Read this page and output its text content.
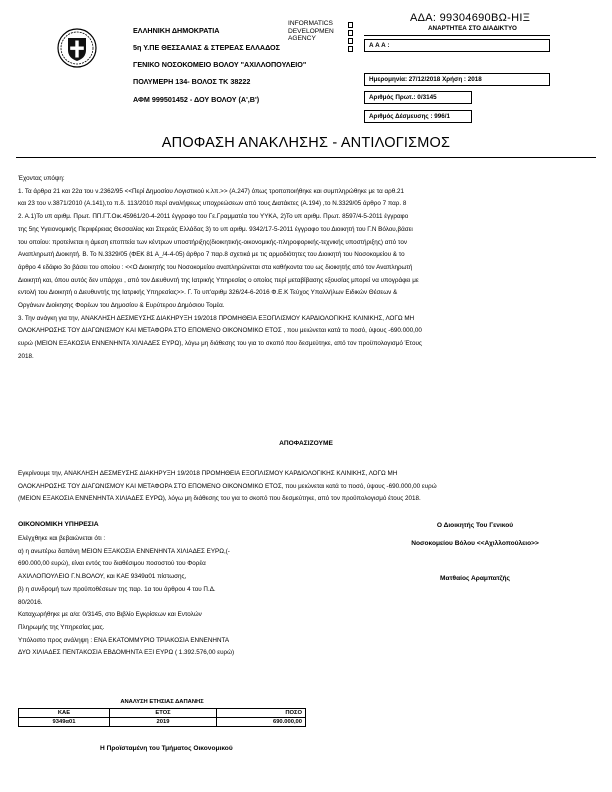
ΑΔΑ: 99304690ΒΩ-ΗΙΞ
ΕΛΛΗΝΙΚΗ ΔΗΜΟΚΡΑΤΙΑ
5η Υ.ΠΕ ΘΕΣΣΑΛΙΑΣ & ΣΤΕΡΕΑΣ ΕΛΛΑΔΟΣ
ΓΕΝΙΚΟ ΝΟΣΟΚΟΜΕΙΟ ΒΟΛΟΥ "ΑΧΙΛΛΟΠΟΥΛΕΙΟ"
ΠΟΛΥΜΕΡΗ 134- ΒΟΛΟΣ ΤΚ 38222
ΑΦΜ 999501452 - ΔΟΥ ΒΟΛΟΥ (Α',Β')
INFORMATICS
DEVELOPMEN
AGENCY
ΑΝΑΡΤΗΤΕΑ ΣΤΟ ΔΙΑΔΙΚΤΥΟ
Α Α Α :
Ημερομηνία: 27/12/2018 Χρήση : 2018
Αριθμός Πρωτ.: 0/3145
Αριθμός Δέσμευσης : 996/1
ΑΠΟΦΑΣΗ ΑΝΑΚΛΗΣΗΣ - ΑΝΤΙΛΟΓΙΣΜΟΣ
Έχοντας υπόψη:
1. Τα άρθρα 21 και 22α του ν.2362/95 <<Περί Δημοσίου Λογιστικού κ.λπ.>> (Α.247) όπως τροποποιήθηκε και συμπληρώθηκε με τα αρθ.21
και 23 του ν.3871/2010 (Α.141),το π.δ. 113/2010 περί αναλήψεως υποχρεώσεων από τους Διατάκτες (Α.194) ,το Ν.3329/05 άρθρο 7 παρ. 8
2. Α.1)Το υπ αριθμ. Πρωτ. ΠΠ.ΓΤ.Οικ.45961/20-4-2011 έγγραφο του Γε.Γραμματέα του ΥΥΚΑ, 2)Το υπ αριθμ. Πρωτ. 8597/4-5-2011 έγγραφο
της 5ης Υγειονομικής Περιφέρειας Θεσσαλίας και Στερεάς Ελλάδας 3) το υπ αριθμ. 9342/17-5-2011 έγγραφο του Διοικητή του Γ.Ν Βόλου,βάσει
του οποίου: προτείνεται η άμεση εποπτεία των κέντρων υποστήριξης(διοικητικής-οικονομικής-πληροφορικής-τεχνικής υποστήριξης) από τον
Αναπληρωτή Διοικητή. Β. Το Ν.3329/05 (ΦΕΚ 81 Α_/4-4-05) άρθρο 7 παρ.8 σχετικά με τις αρμοδιότητες του Διοικητή του Νοσοκομείου & το
άρθρο 4 εδάφιο 3ο βάσει του οποίου : <<Ο Διοικητής του Νοσοκομείου αναπληρώνεται στα καθήκοντα του ως διοικητής από τον Αναπληρωτή
Διοικητή και, όπου αυτός δεν υπάρχει , από τον Διευθυντή της Ιατρικής Υπηρεσίας ο οποίος περί μεταβίβασης εξουσίας μπορεί να υπογράφει με
εντολή του Διοικητή ο Διευθυντής της Ιατρικής Υπηρεσίας>>. Γ. Το υπ'αριθμ 326/24-6-2016 Φ.Ε.Κ Τεύχος Υπαλλήλων Ειδικών Θέσεων &
Οργάνων Διοίκησης Φορέων του Δημοσίου & Ευρύτερου Δημόσιου Τομέα.
3. Την ανάγκη για την, ΑΝΑΚΛΗΣΗ ΔΕΣΜΕΥΣΗΣ ΔΙΑΚΗΡΥΞΗ 19/2018 ΠΡΟΜΗΘΕΙΑ ΕΞΟΠΛΙΣΜΟΥ ΚΑΡΔΙΟΛΟΓΙΚΗΣ ΚΛΙΝΙΚΗΣ, ΛΟΓΩ ΜΗ
ΟΛΟΚΛΗΡΩΣΗΣ ΤΟΥ ΔΙΑΓΩΝΙΣΜΟΥ ΚΑΙ ΜΕΤΑΦΟΡΑ ΣΤΟ ΕΠΟΜΕΝΟ ΟΙΚΟΝΟΜΙΚΟ ΕΤΟΣ , που μειώνεται κατά το ποσό, ύψους -690.000,00
ευρώ (ΜΕΙΟΝ ΕΞΑΚΟΣΙΑ ΕΝΝΕΝΗΝΤΑ ΧΙΛΙΑΔΕΣ ΕΥΡΩ), λόγω μη διάθεσης του για το σκοπό που δεσμεύτηκε, από τον προϋπολογισμό Έτους
2018.
ΑΠΟΦΑΣΙΖΟΥΜΕ
Εγκρίνουμε την, ΑΝΑΚΛΗΣΗ ΔΕΣΜΕΥΣΗΣ ΔΙΑΚΗΡΥΞΗ 19/2018 ΠΡΟΜΗΘΕΙΑ ΕΞΟΠΛΙΣΜΟΥ ΚΑΡΔΙΟΛΟΓΙΚΗΣ ΚΛΙΝΙΚΗΣ, ΛΟΓΩ ΜΗ
ΟΛΟΚΛΗΡΩΣΗΣ ΤΟΥ ΔΙΑΓΩΝΙΣΜΟΥ ΚΑΙ ΜΕΤΑΦΟΡΑ ΣΤΟ ΕΠΟΜΕΝΟ ΟΙΚΟΝΟΜΙΚΟ ΕΤΟΣ, που μειώνεται κατά το ποσό, ύψους -690.000,00 ευρώ
(ΜΕΙΟΝ ΕΞΑΚΟΣΙΑ ΕΝΝΕΝΗΝΤΑ ΧΙΛΙΑΔΕΣ ΕΥΡΩ), λόγω μη διάθεσης του για το σκοπό που δεσμεύτηκε, από τον προϋπολογισμό έτους 2018.
ΟΙΚΟΝΟΜΙΚΗ ΥΠΗΡΕΣΙΑ
Ελέγχθηκε και βεβαιώνεται ότι :
α) η ανωτέρω δαπάνη ΜΕΙΟΝ ΕΞΑΚΟΣΙΑ ΕΝΝΕΝΗΝΤΑ ΧΙΛΙΑΔΕΣ ΕΥΡΩ,(-
690.000,00 ευρώ), είναι εντός του διαθέσιμου ποσοστού του Φορέα
ΑΧΙΛΛΟΠΟΥΛΕΙΟ Γ.Ν.ΒΟΛΟΥ, και ΚΑΕ 9349α01 πίστωσης,
β) η συνδρομή των προϋποθέσεων της παρ. 1α του άρθρου 4 του Π.Δ.
80/2016.
Καταχωρήθηκε με α/α: 0/3145, στο Βιβλίο Εγκρίσεων και Εντολών
Πληρωμής της Υπηρεσίας μας.
Υπόλοιπο προς ανάληψη : ΕΝΑ ΕΚΑΤΟΜΜΥΡΙΟ ΤΡΙΑΚΟΣΙΑ ΕΝΝΕΝΗΝΤΑ
ΔΥΟ ΧΙΛΙΑΔΕΣ ΠΕΝΤΑΚΟΣΙΑ ΕΒΔΟΜΗΝΤΑ ΕΞΙ ΕΥΡΩ ( 1.392.576,00 ευρώ)
Ο Διοικητής Του Γενικού
Νοσοκομείου Βόλου <<Αχιλλοπούλειο>>
Ματθαίος Αραμπατζής
ΑΝΑΛΥΣΗ ΕΤΗΣΙΑΣ ΔΑΠΑΝΗΣ
ΚΑΕ	ΕΤΟΣ	ΠΟΣΟ
9349α01	2019	690.000,00
Η Προϊσταμένη του Τμήματος Οικονομικού
